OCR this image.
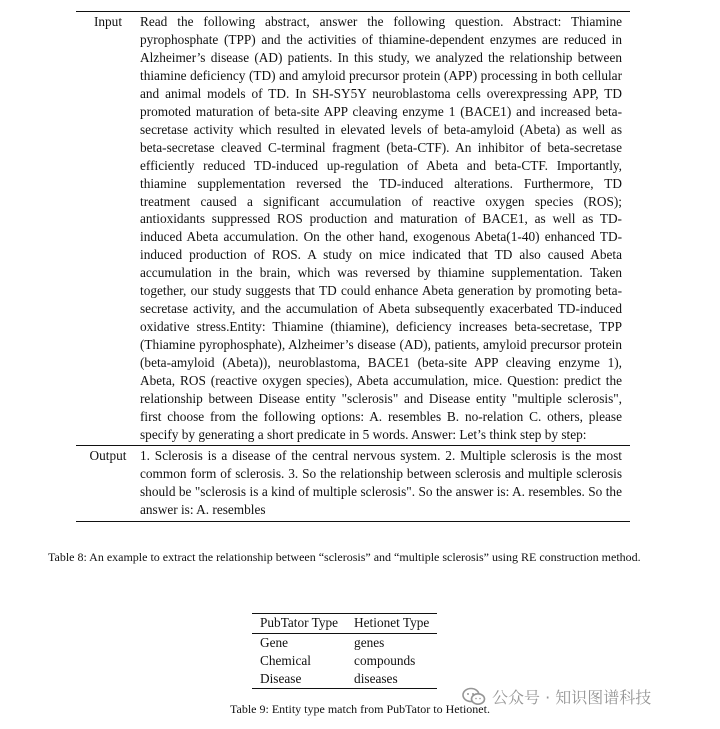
Input	Read the following abstract, answer the following question. Abstract: Thiamine pyrophosphate (TPP) and the activities of thiamine-dependent enzymes are reduced in Alzheimer’s disease (AD) patients. In this study, we analyzed the relationship between thiamine deficiency (TD) and amyloid precursor protein (APP) processing in both cellular and animal models of TD. In SH-SY5Y neuroblastoma cells overexpressing APP, TD promoted maturation of beta-site APP cleaving enzyme 1 (BACE1) and increased beta-secretase activity which resulted in elevated levels of beta-amyloid (Abeta) as well as beta-secretase cleaved C-terminal fragment (beta-CTF). An inhibitor of beta-secretase efficiently reduced TD-induced up-regulation of Abeta and beta-CTF. Importantly, thiamine supplementation reversed the TD-induced alterations. Furthermore, TD treatment caused a significant accumulation of reactive oxygen species (ROS); antioxidants suppressed ROS production and maturation of BACE1, as well as TD-induced Abeta accumulation. On the other hand, exogenous Abeta(1-40) enhanced TD-induced production of ROS. A study on mice indicated that TD also caused Abeta accumulation in the brain, which was reversed by thiamine supplementation. Taken together, our study suggests that TD could enhance Abeta generation by promoting beta-secretase activity, and the accumulation of Abeta subsequently exacerbated TD-induced oxidative stress.Entity: Thiamine (thiamine), deficiency increases beta-secretase, TPP (Thiamine pyrophosphate), Alzheimer’s disease (AD), patients, amyloid precursor protein (beta-amyloid (Abeta)), neuroblastoma, BACE1 (beta-site APP cleaving enzyme 1), Abeta, ROS (reactive oxygen species), Abeta accumulation, mice. Question: predict the relationship between Disease entity "sclerosis" and Disease entity "multiple sclerosis", first choose from the following options: A. resembles B. no-relation C. others, please specify by generating a short predicate in 5 words. Answer: Let’s think step by step:
Output	1. Sclerosis is a disease of the central nervous system. 2. Multiple sclerosis is the most common form of sclerosis. 3. So the relationship between sclerosis and multiple sclerosis should be "sclerosis is a kind of multiple sclerosis". So the answer is: A. resembles. So the answer is: A. resembles
Table 8: An example to extract the relationship between “sclerosis” and “multiple sclerosis” using RE construction method.
PubTator Type	Hetionet Type
Gene	genes
Chemical	compounds
Disease	diseases
公众号 · 知识图谱科技
Table 9: Entity type match from PubTator to Hetionet.
